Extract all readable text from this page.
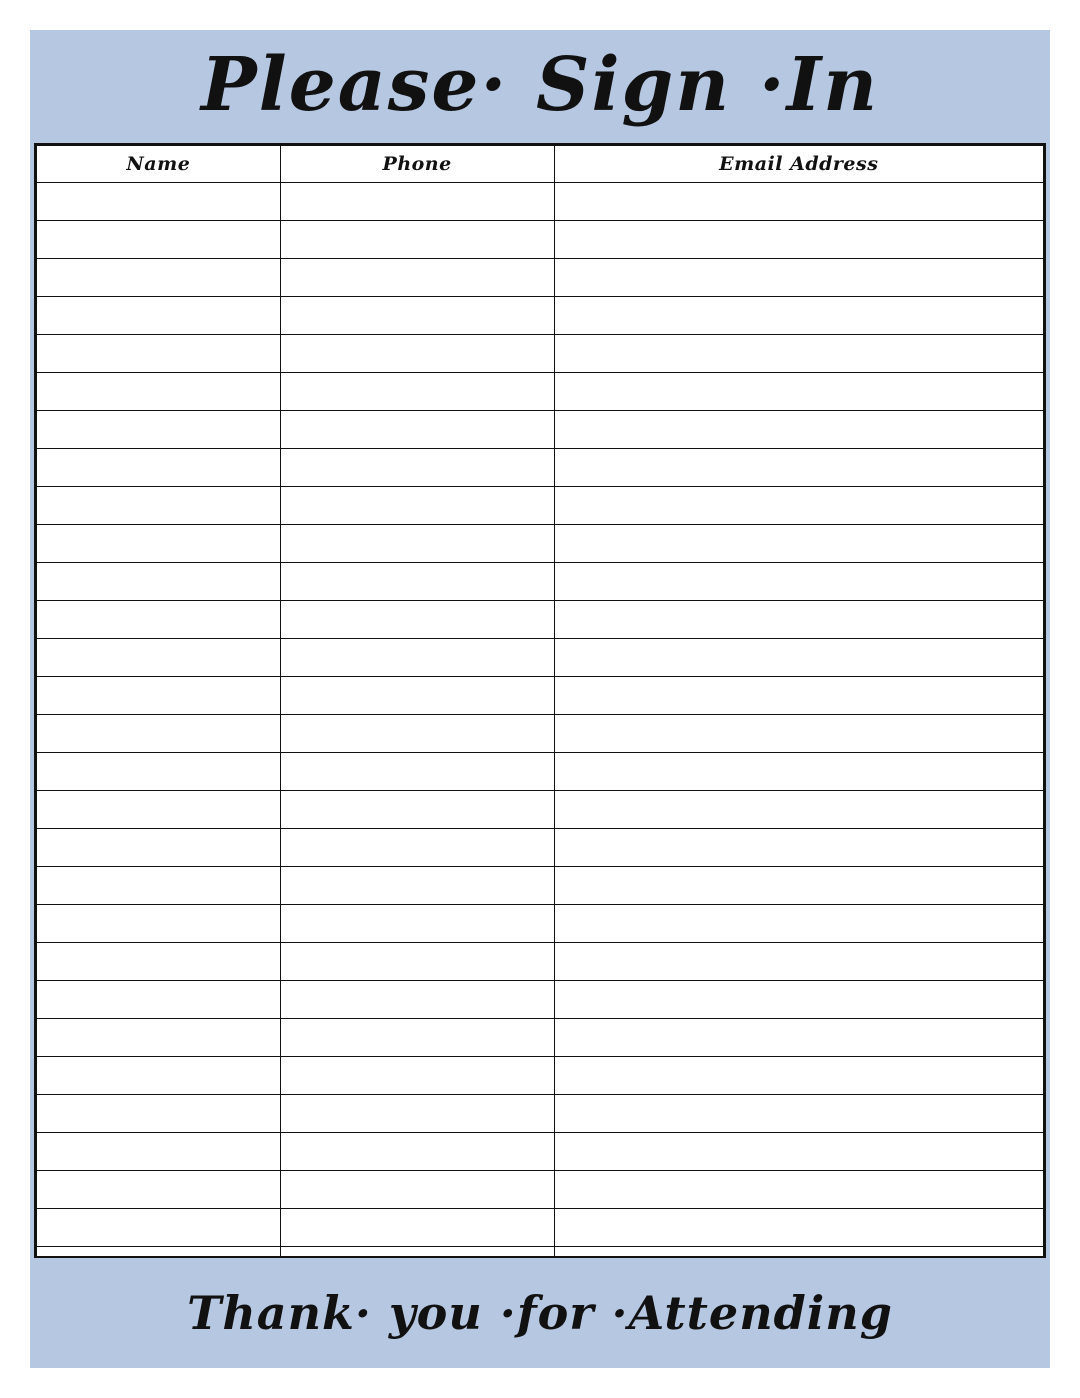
Please· Sign ·In
Name	Phone	Email Address

Thank· you ·for ·Attending
